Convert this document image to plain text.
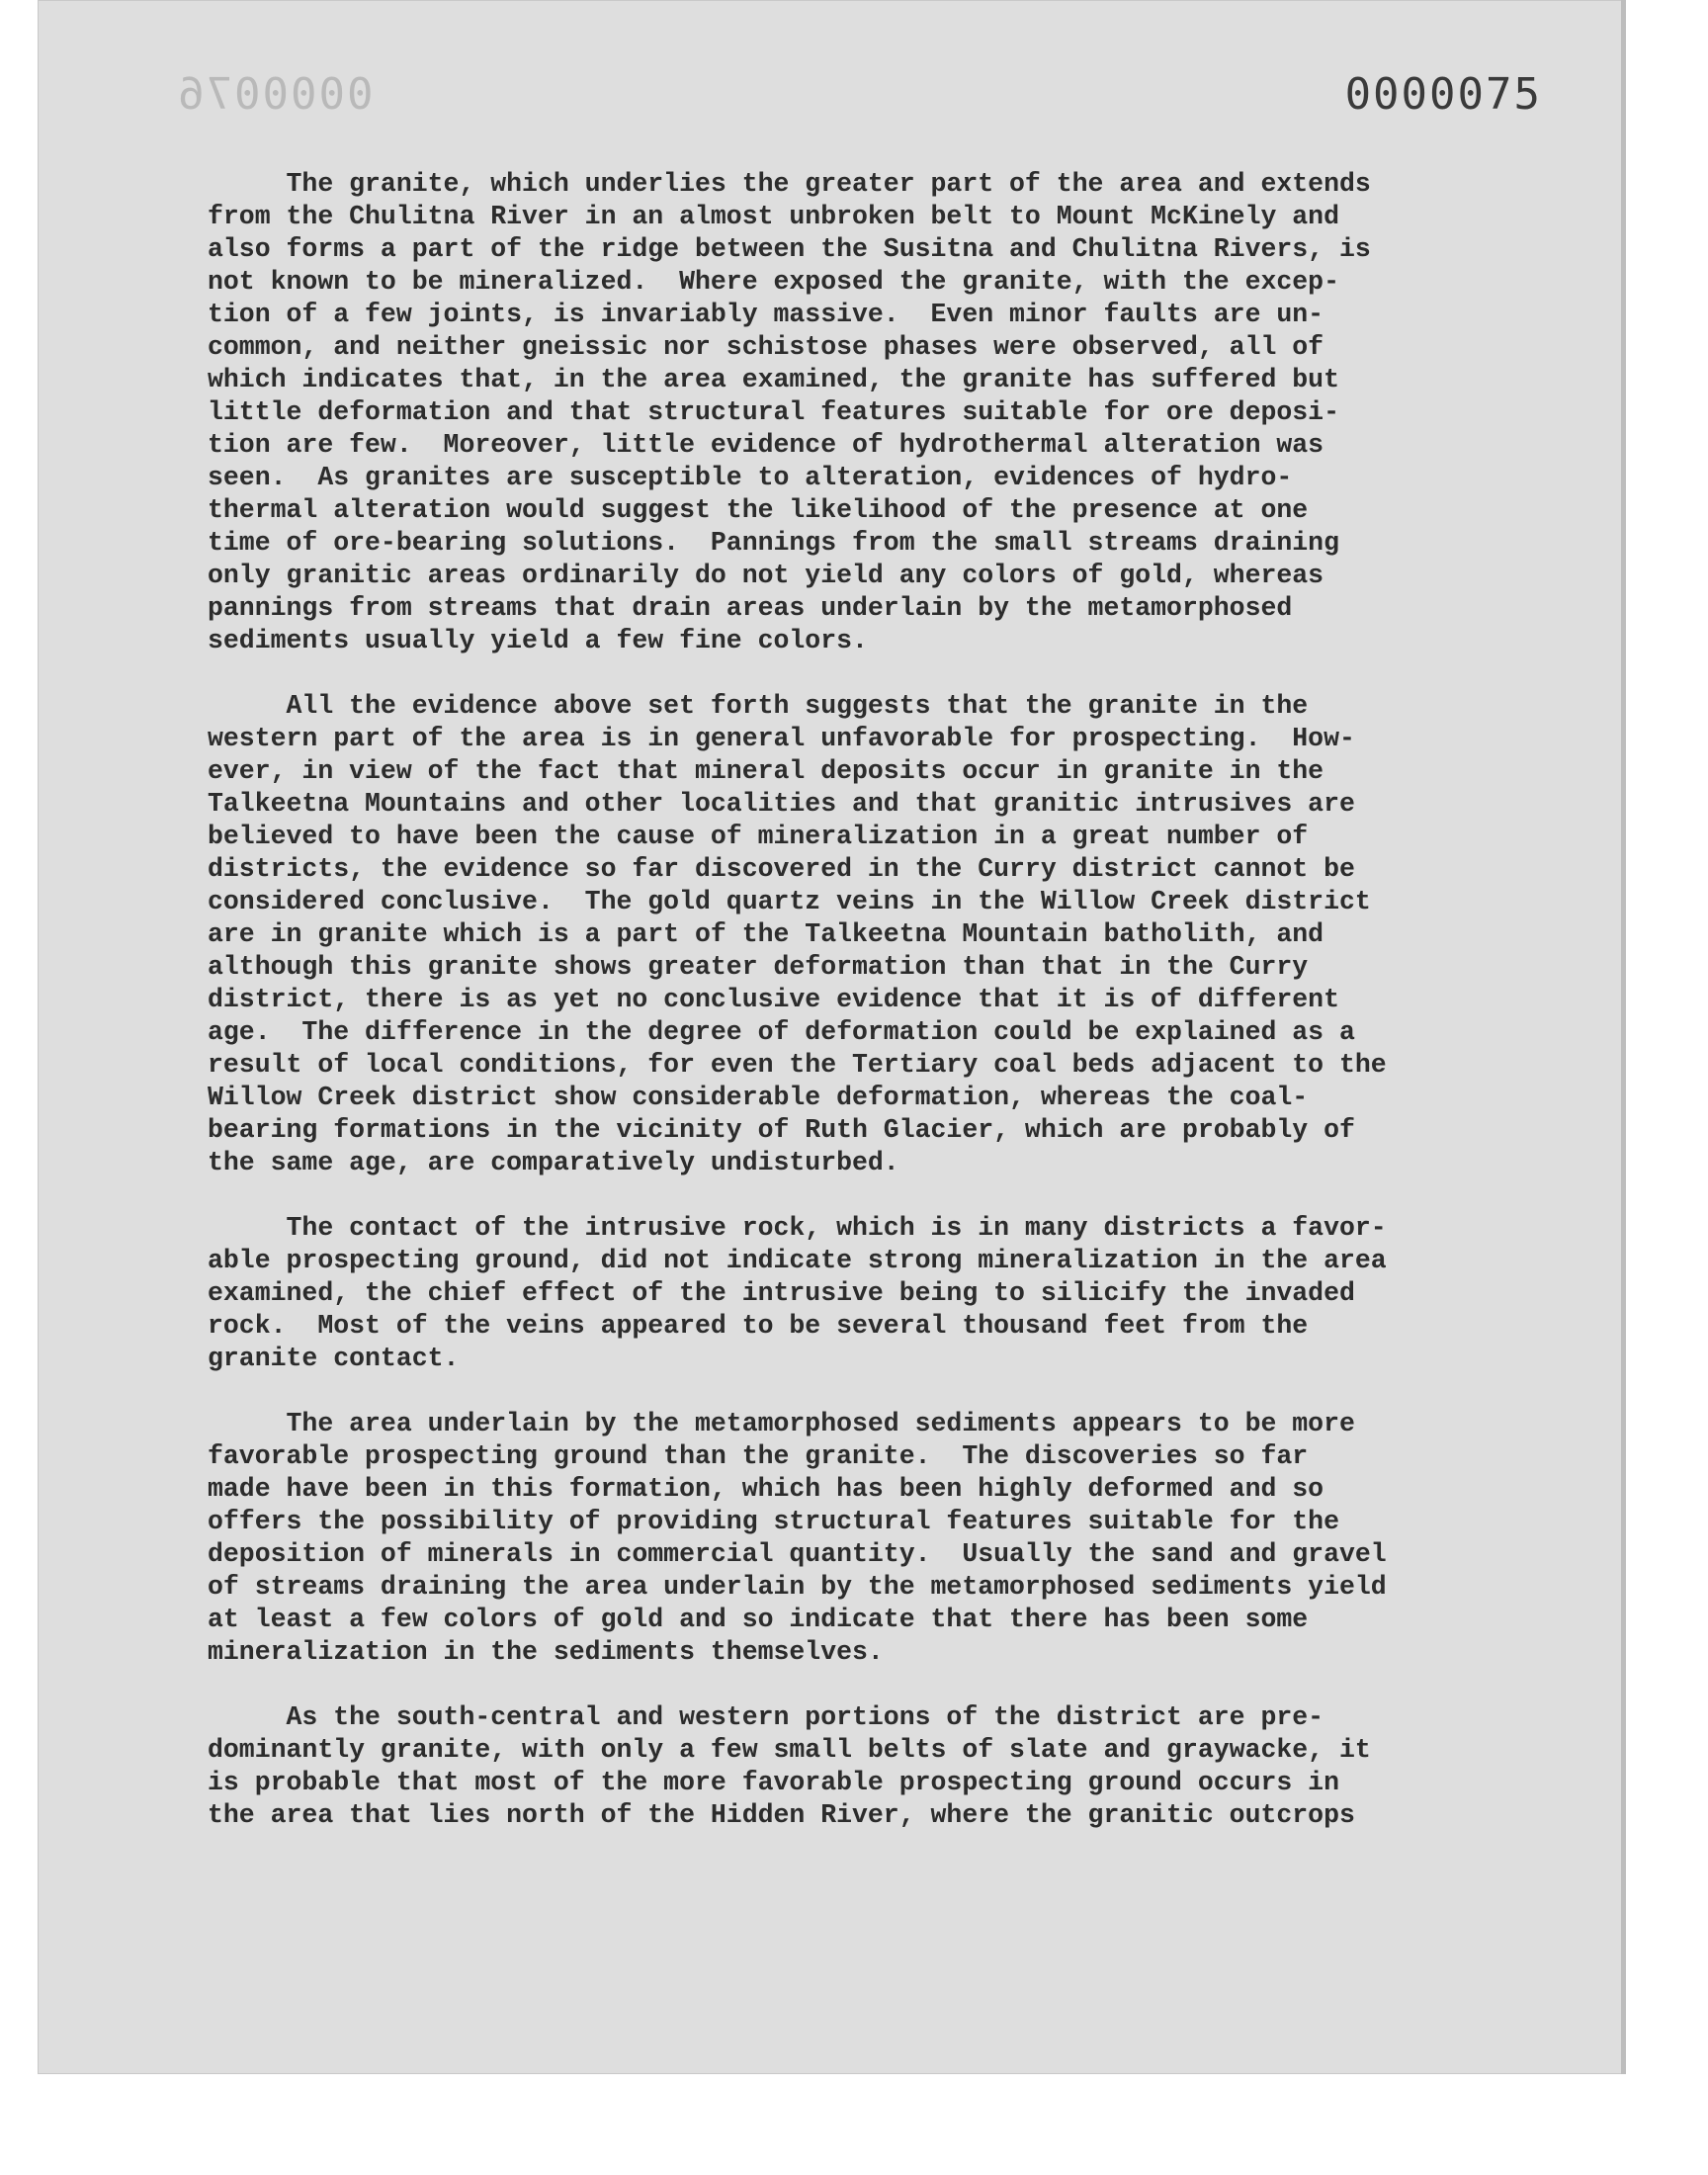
0000076	0000075
The granite, which underlies the greater part of the area and extends
from the Chulitna River in an almost unbroken belt to Mount McKinely and
also forms a part of the ridge between the Susitna and Chulitna Rivers, is
not known to be mineralized.  Where exposed the granite, with the excep-
tion of a few joints, is invariably massive.  Even minor faults are un-
common, and neither gneissic nor schistose phases were observed, all of
which indicates that, in the area examined, the granite has suffered but
little deformation and that structural features suitable for ore deposi-
tion are few.  Moreover, little evidence of hydrothermal alteration was
seen.  As granites are susceptible to alteration, evidences of hydro-
thermal alteration would suggest the likelihood of the presence at one
time of ore-bearing solutions.  Pannings from the small streams draining
only granitic areas ordinarily do not yield any colors of gold, whereas
pannings from streams that drain areas underlain by the metamorphosed
sediments usually yield a few fine colors.
All the evidence above set forth suggests that the granite in the
western part of the area is in general unfavorable for prospecting.  How-
ever, in view of the fact that mineral deposits occur in granite in the
Talkeetna Mountains and other localities and that granitic intrusives are
believed to have been the cause of mineralization in a great number of
districts, the evidence so far discovered in the Curry district cannot be
considered conclusive.  The gold quartz veins in the Willow Creek district
are in granite which is a part of the Talkeetna Mountain batholith, and
although this granite shows greater deformation than that in the Curry
district, there is as yet no conclusive evidence that it is of different
age.  The difference in the degree of deformation could be explained as a
result of local conditions, for even the Tertiary coal beds adjacent to the
Willow Creek district show considerable deformation, whereas the coal-
bearing formations in the vicinity of Ruth Glacier, which are probably of
the same age, are comparatively undisturbed.
The contact of the intrusive rock, which is in many districts a favor-
able prospecting ground, did not indicate strong mineralization in the area
examined, the chief effect of the intrusive being to silicify the invaded
rock.  Most of the veins appeared to be several thousand feet from the
granite contact.
The area underlain by the metamorphosed sediments appears to be more
favorable prospecting ground than the granite.  The discoveries so far
made have been in this formation, which has been highly deformed and so
offers the possibility of providing structural features suitable for the
deposition of minerals in commercial quantity.  Usually the sand and gravel
of streams draining the area underlain by the metamorphosed sediments yield
at least a few colors of gold and so indicate that there has been some
mineralization in the sediments themselves.
As the south-central and western portions of the district are pre-
dominantly granite, with only a few small belts of slate and graywacke, it
is probable that most of the more favorable prospecting ground occurs in
the area that lies north of the Hidden River, where the granitic outcrops
